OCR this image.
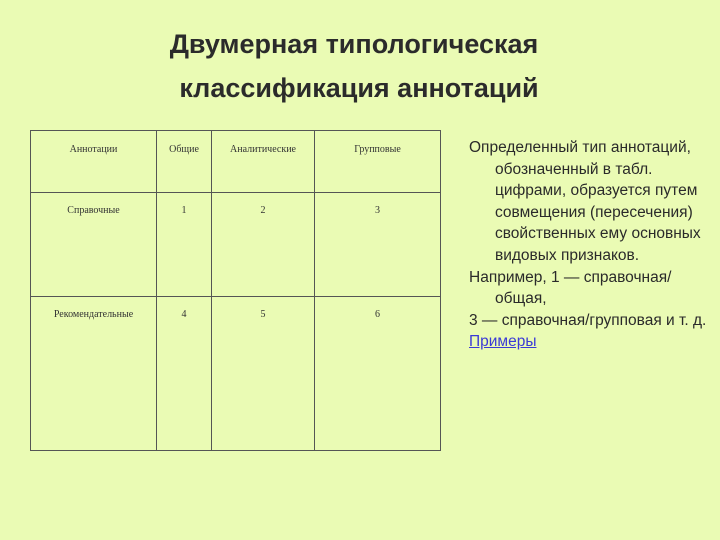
Двумерная типологическая
классификация аннотаций
Аннотации	Общие	Аналитические	Групповые
Справочные	1	2	3
Рекомендательные	4	5	6

Определенный тип аннотаций, обозначенный в табл. цифрами, образуется путем совмещения (пересечения) свойственных ему основных видовых признаков.

Например, 1 — справочная/общая,

3 — справочная/групповая и т. д.

Примеры
